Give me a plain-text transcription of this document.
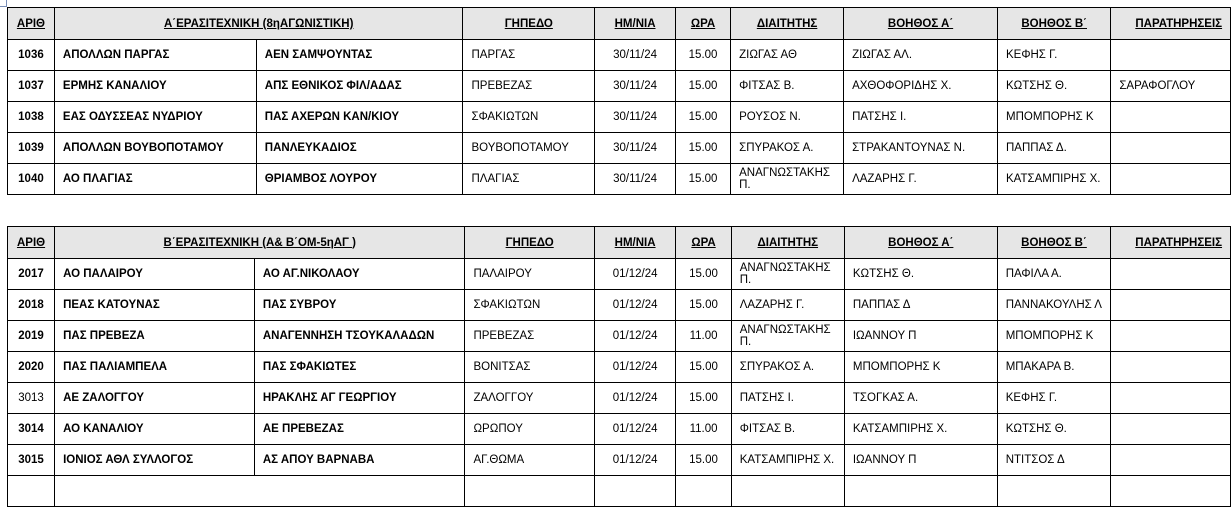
ΑΡΙΘ	Α΄ΕΡΑΣΙΤΕΧΝΙΚΗ (8ηΑΓΩΝΙΣΤΙΚΗ)		ΓΗΠΕΔΟ	ΗΜ/ΝΙΑ	ΩΡΑ	ΔΙΑΙΤΗΤΗΣ	ΒΟΗΘΟΣ Α΄	ΒΟΗΘΟΣ Β΄	ΠΑΡΑΤΗΡΗΣΕΙΣ
1036	ΑΠΟΛΛΩΝ ΠΑΡΓΑΣ	ΑΕΝ ΣΑΜΨΟΥΝΤΑΣ	ΠΑΡΓΑΣ	30/11/24	15.00	ΖΙΩΓΑΣ ΑΘ	ΖΙΩΓΑΣ ΑΛ.	ΚΕΦΗΣ Γ.	
1037	ΕΡΜΗΣ ΚΑΝΑΛΙΟΥ	ΑΠΣ ΕΘΝΙΚΟΣ ΦΙΛ/ΑΔΑΣ	ΠΡΕΒΕΖΑΣ	30/11/24	15.00	ΦΙΤΣΑΣ Β.	ΑΧΘΟΦΟΡΙΔΗΣ Χ.	ΚΩΤΣΗΣ Θ.	ΣΑΡΑΦΟΓΛΟΥ
1038	ΕΑΣ ΟΔΥΣΣΕΑΣ ΝΥΔΡΙΟΥ	ΠΑΣ ΑΧΕΡΩΝ ΚΑΝ/ΚΙΟΥ	ΣΦΑΚΙΩΤΩΝ	30/11/24	15.00	ΡΟΥΣΟΣ Ν.	ΠΑΤΣΗΣ Ι.	ΜΠΟΜΠΟΡΗΣ Κ	
1039	ΑΠΟΛΛΩΝ ΒΟΥΒΟΠΟΤΑΜΟΥ	ΠΑΝΛΕΥΚΑΔΙΟΣ	ΒΟΥΒΟΠΟΤΑΜΟΥ	30/11/24	15.00	ΣΠΥΡΑΚΟΣ Α.	ΣΤΡΑΚΑΝΤΟΥΝΑΣ Ν.	ΠΑΠΠΑΣ Δ.	
1040	ΑΟ ΠΛΑΓΙΑΣ	ΘΡΙΑΜΒΟΣ ΛΟΥΡΟΥ	ΠΛΑΓΙΑΣ	30/11/24	15.00	ΑΝΑΓΝΩΣΤΑΚΗΣ Π.	ΛΑΖΑΡΗΣ Γ.	ΚΑΤΣΑΜΠΙΡΗΣ Χ.	
ΑΡΙΘ	Β΄ΕΡΑΣΙΤΕΧΝΙΚΗ (Α& Β΄ΟΜ-5ηΑΓ )		ΓΗΠΕΔΟ	ΗΜ/ΝΙΑ	ΩΡΑ	ΔΙΑΙΤΗΤΗΣ	ΒΟΗΘΟΣ Α΄	ΒΟΗΘΟΣ Β΄	ΠΑΡΑΤΗΡΗΣΕΙΣ
2017	ΑΟ ΠΑΛΑΙΡΟΥ	ΑΟ ΑΓ.ΝΙΚΟΛΑΟΥ	ΠΑΛΑΙΡΟΥ	01/12/24	15.00	ΑΝΑΓΝΩΣΤΑΚΗΣ Π.	ΚΩΤΣΗΣ Θ.	ΠΑΦΙΛΑ Α.	
2018	ΠΕΑΣ ΚΑΤΟΥΝΑΣ	ΠΑΣ ΣΥΒΡΟΥ	ΣΦΑΚΙΩΤΩΝ	01/12/24	15.00	ΛΑΖΑΡΗΣ Γ.	ΠΑΠΠΑΣ Δ	ΠΑΝΝΑΚΟΥΛΗΣ Λ	
2019	ΠΑΣ ΠΡΕΒΕΖΑ	ΑΝΑΓΕΝΝΗΣΗ ΤΣΟΥΚΑΛΑΔΩΝ	ΠΡΕΒΕΖΑΣ	01/12/24	11.00	ΑΝΑΓΝΩΣΤΑΚΗΣ Π.	ΙΩΑΝΝΟΥ Π	ΜΠΟΜΠΟΡΗΣ Κ	
2020	ΠΑΣ ΠΑΛΙΑΜΠΕΛΑ	ΠΑΣ ΣΦΑΚΙΩΤΕΣ	ΒΟΝΙΤΣΑΣ	01/12/24	15.00	ΣΠΥΡΑΚΟΣ Α.	ΜΠΟΜΠΟΡΗΣ Κ	ΜΠΑΚΑΡΑ Β.	
3013	ΑΕ ΖΑΛΟΓΓΟΥ	ΗΡΑΚΛΗΣ ΑΓ ΓΕΩΡΓΙΟΥ	ΖΑΛΟΓΓΟΥ	01/12/24	15.00	ΠΑΤΣΗΣ Ι.	ΤΣΟΓΚΑΣ Α.	ΚΕΦΗΣ Γ.	
3014	ΑΟ ΚΑΝΑΛΙΟΥ	ΑΕ ΠΡΕΒΕΖΑΣ	ΩΡΩΠΟΥ	01/12/24	11.00	ΦΙΤΣΑΣ Β.	ΚΑΤΣΑΜΠΙΡΗΣ Χ.	ΚΩΤΣΗΣ Θ.	
3015	ΙΟΝΙΟΣ ΑΘΛ ΣΥΛΛΟΓΟΣ	ΑΣ ΑΠΟΥ ΒΑΡΝΑΒΑ	ΑΓ.ΘΩΜΑ	01/12/24	15.00	ΚΑΤΣΑΜΠΙΡΗΣ Χ.	ΙΩΑΝΝΟΥ Π	ΝΤΙΤΣΟΣ Δ	
